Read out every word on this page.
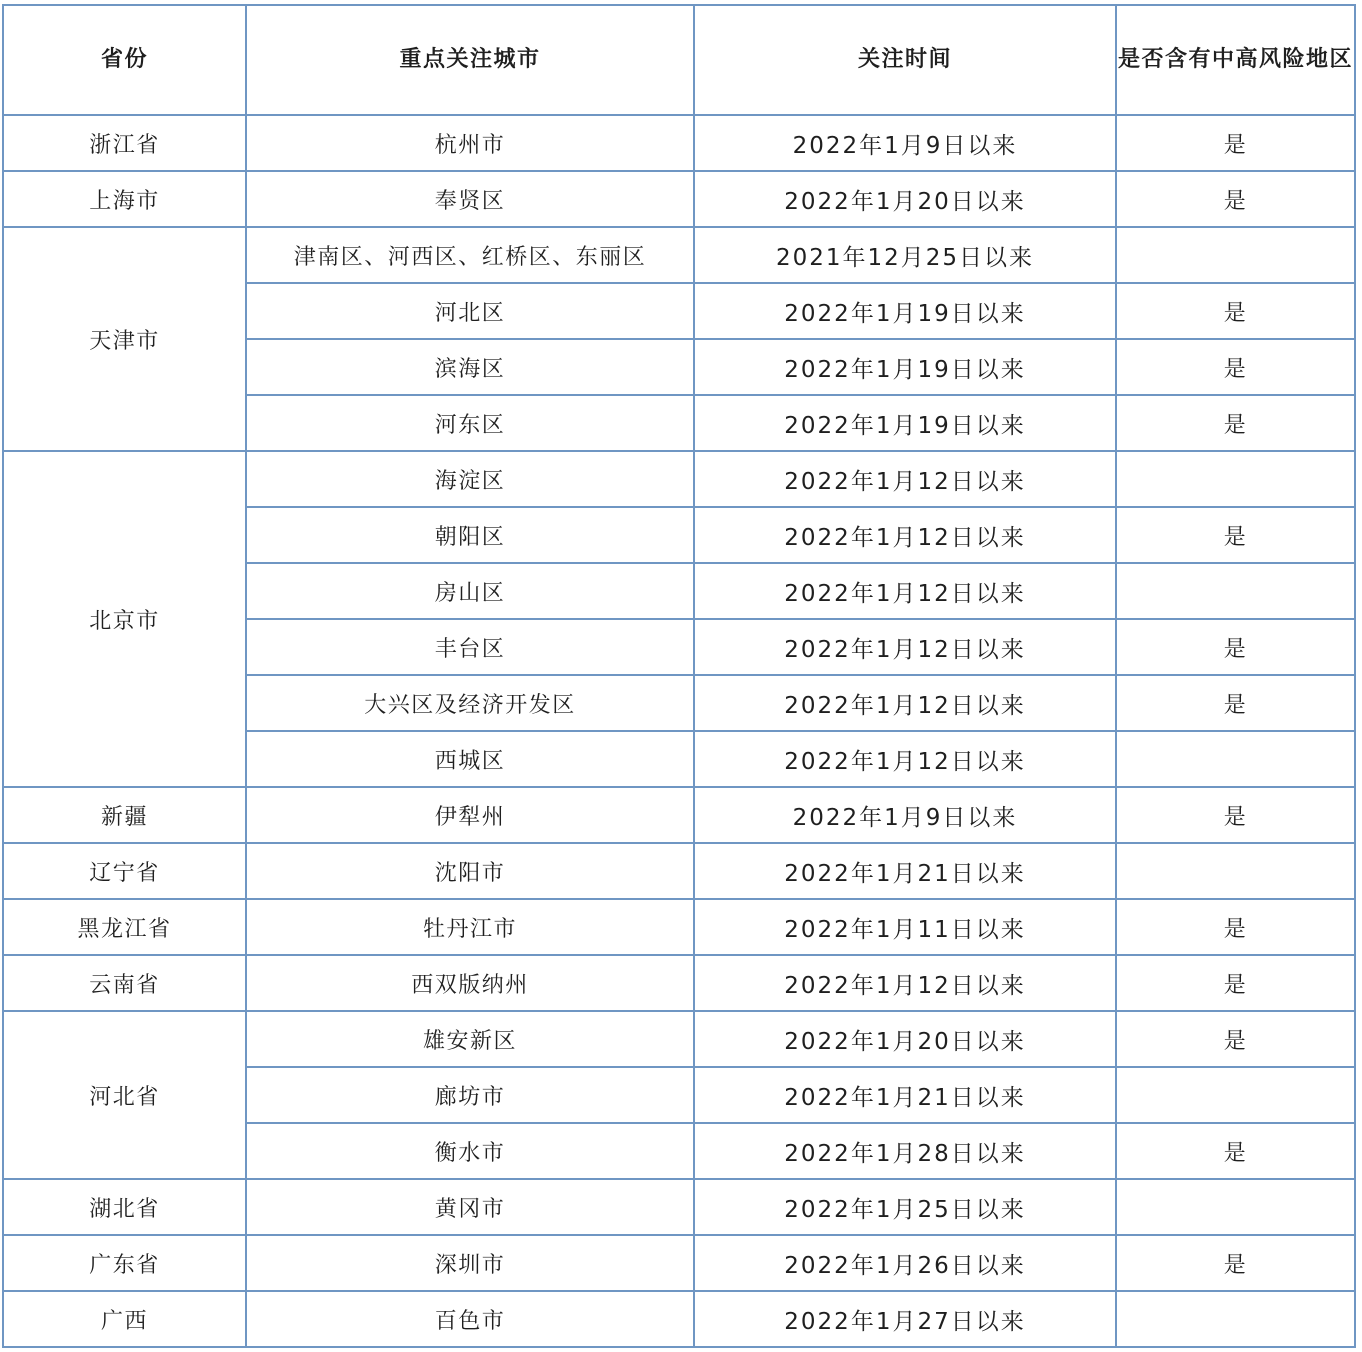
省份	重点关注城市	关注时间	是否含有中高风险地区
浙江省	杭州市	2022年1月9日以来	是
上海市	奉贤区	2022年1月20日以来	是
天津市	津南区、河西区、红桥区、东丽区	2021年12月25日以来	
	河北区	2022年1月19日以来	是
	滨海区	2022年1月19日以来	是
	河东区	2022年1月19日以来	是
北京市	海淀区	2022年1月12日以来	
	朝阳区	2022年1月12日以来	是
	房山区	2022年1月12日以来	
	丰台区	2022年1月12日以来	是
	大兴区及经济开发区	2022年1月12日以来	是
	西城区	2022年1月12日以来	
新疆	伊犁州	2022年1月9日以来	是
辽宁省	沈阳市	2022年1月21日以来	
黑龙江省	牡丹江市	2022年1月11日以来	是
云南省	西双版纳州	2022年1月12日以来	是
河北省	雄安新区	2022年1月20日以来	是
	廊坊市	2022年1月21日以来	
	衡水市	2022年1月28日以来	是
湖北省	黄冈市	2022年1月25日以来	
广东省	深圳市	2022年1月26日以来	是
广西	百色市	2022年1月27日以来	
